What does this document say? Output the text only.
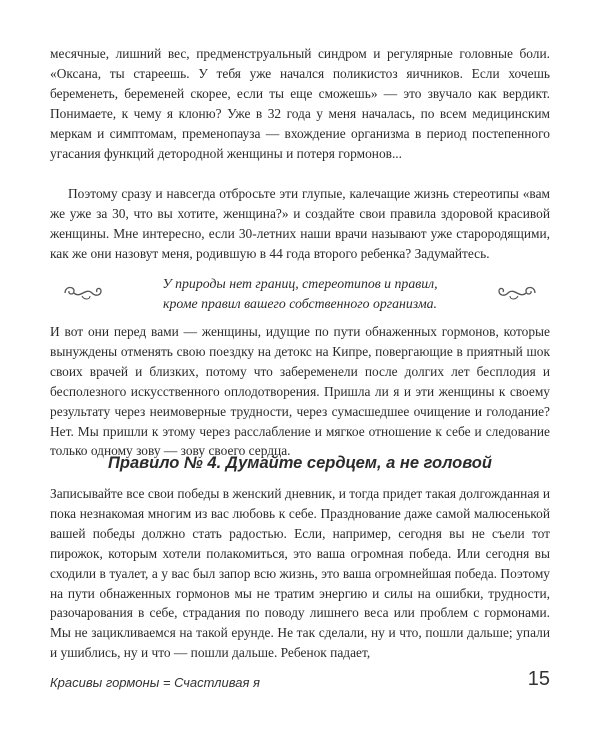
месячные, лишний вес, предменструальный синдром и регулярные головные боли. «Оксана, ты стареешь. У тебя уже начался поликистоз яичников. Если хочешь беременеть, беременей скорее, если ты еще сможешь» — это звучало как вердикт. Понимаете, к чему я клоню? Уже в 32 года у меня началась, по всем медицинским меркам и симптомам, пременопауза — вхождение организма в период постепенного угасания функций детородной женщины и потеря гормонов...

Поэтому сразу и навсегда отбросьте эти глупые, калечащие жизнь стереотипы «вам же уже за 30, что вы хотите, женщина?» и создайте свои правила здоровой красивой женщины. Мне интересно, если 30-летних наши врачи называют уже старородящими, как же они назовут меня, родившую в 44 года второго ребенка? Задумайтесь.

У природы нет границ, стереотипов и правил,
кроме правил вашего собственного организма.

И вот они перед вами — женщины, идущие по пути обнаженных гормонов, которые вынуждены отменять свою поездку на детокс на Кипре, повергающие в приятный шок своих врачей и близких, потому что забеременели после долгих лет бесплодия и бесполезного искусственного оплодотворения. Пришла ли я и эти женщины к своему результату через неимоверные трудности, через сумасшедшее очищение и голодание? Нет. Мы пришли к этому через расслабление и мягкое отношение к себе и следование только одному зову — зову своего сердца.

Правило № 4. Думайте сердцем, а не головой

Записывайте все свои победы в женский дневник, и тогда придет такая долгожданная и пока незнакомая многим из вас любовь к себе. Празднование даже самой малюсенькой вашей победы должно стать радостью. Если, например, сегодня вы не съели тот пирожок, которым хотели полакомиться, это ваша огромная победа. Или сегодня вы сходили в туалет, а у вас был запор всю жизнь, это ваша огромнейшая победа. Поэтому на пути обнаженных гормонов мы не тратим энергию и силы на ошибки, трудности, разочарования в себе, страдания по поводу лишнего веса или проблем с гормонами. Мы не зацикливаемся на такой ерунде. Не так сделали, ну и что, пошли дальше; упали и ушиблись, ну и что — пошли дальше. Ребенок падает,

Красивы гормоны = Счастливая я	15
